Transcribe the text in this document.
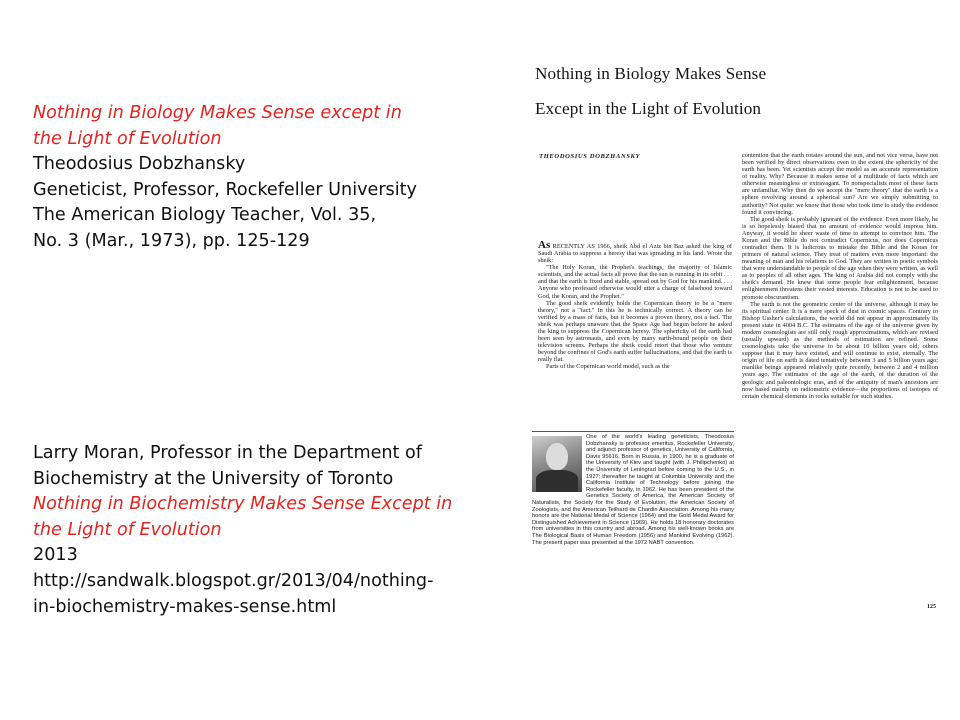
Nothing in Biology Makes Sense except in
the Light of Evolution
Theodosius Dobzhansky
Geneticist, Professor, Rockefeller University
The American Biology Teacher, Vol. 35,
No. 3 (Mar., 1973), pp. 125-129
Larry Moran, Professor in the Department of
Biochemistry at the University of Toronto
Nothing in Biochemistry Makes Sense Except in
the Light of Evolution
2013
http://sandwalk.blogspot.gr/2013/04/nothing-
in-biochemistry-makes-sense.html
Nothing in Biology Makes Sense
Except in the Light of Evolution
THEODOSIUS DOBZHANSKY

As RECENTLY AS 1966, sheik Abd el Aziz bin Baz asked the king of Saudi Arabia to suppress a heresy that was spreading in his land. Wrote the sheik:

"The Holy Koran, the Prophet's teachings, the majority of Islamic scientists, and the actual facts all prove that the sun is running in its orbit . . . and that the earth is fixed and stable, spread out by God for his mankind. . . . Anyone who professed otherwise would utter a charge of falsehood toward God, the Koran, and the Prophet."

The good sheik evidently holds the Copernican theory to be a "mere theory," not a "fact." In this he is technically correct. A theory can be verified by a mass of facts, but it becomes a proven theory, not a fact. The sheik was perhaps unaware that the Space Age had begun before he asked the king to suppress the Copernican heresy. The sphericity of the earth had been seen by astronauts, and even by many earth-bound people on their television screens. Perhaps the sheik could retort that those who venture beyond the confines of God's earth suffer hallucinations, and that the earth is really flat.

Parts of the Copernican world model, such as the

One of the world's leading geneticists, Theodosius Dobzhansky is professor emeritus, Rockefeller University, and adjunct professor of genetics, University of California, Davis 95616. Born in Russia, in 1900, he is a graduate of the University of Kiev and taught (with J. Philipchenko) at the University of Leningrad before coming to the U.S., in 1927; thereafter he taught at Columbia University and the California Institute of Technology before joining the Rockefeller faculty, in 1962. He has been president of the Genetics Society of America, the American Society of Naturalists, the Society for the Study of Evolution, the American Society of Zoologists, and the American Teilhard de Chardin Association. Among his many honors are the National Medal of Science (1964) and the Gold Medal Award for Distinguished Achievement in Science (1969). He holds 18 honorary doctorates from universities in this country and abroad. Among his well-known books are The Biological Basis of Human Freedom (1956) and Mankind Evolving (1962). The present paper was presented at the 1972 NABT convention.

contention that the earth rotates around the sun, and not vice versa, have not been verified by direct observations even to the extent the sphericity of the earth has been. Yet scientists accept the model as an accurate representation of reality. Why? Because it makes sense of a multitude of facts which are otherwise meaningless or extravagant. To nonspecialists most of these facts are unfamiliar. Why then do we accept the "mere theory" that the earth is a sphere revolving around a spherical sun? Are we simply submitting to authority? Not quite: we know that those who took time to study the evidence found it convincing.

The good sheik is probably ignorant of the evidence. Even more likely, he is so hopelessly biased that no amount of evidence would impress him. Anyway, it would be sheer waste of time to attempt to convince him. The Koran and the Bible do not contradict Copernicus, nor does Copernicus contradict them. It is ludicrous to mistake the Bible and the Koran for primers of natural science. They treat of matters even more important: the meaning of man and his relations to God. They are written in poetic symbols that were understandable to people of the age when they were written, as well as to peoples of all other ages. The king of Arabia did not comply with the sheik's demand. He knew that some people fear enlightenment, because enlightenment threatens their vested interests. Education is not to be used to promote obscurantism.

The earth is not the geometric center of the universe, although it may be its spiritual center. It is a mere speck of dust in cosmic spaces. Contrary to Bishop Ussher's calculations, the world did not appear in approximately its present state in 4004 B.C. The estimates of the age of the universe given by modern cosmologists are still only rough approximations, which are revised (usually upward) as the methods of estimation are refined. Some cosmologists take the universe to be about 10 billion years old; others suppose that it may have existed, and will continue to exist, eternally. The origin of life on earth is dated tentatively between 3 and 5 billion years ago; manlike beings appeared relatively quite recently, between 2 and 4 million years ago. The estimates of the age of the earth, of the duration of the geologic and paleontologic eras, and of the antiquity of man's ancestors are now based mainly on radiometric evidence—the proportions of isotopes of certain chemical elements in rocks suitable for such studies.

125
